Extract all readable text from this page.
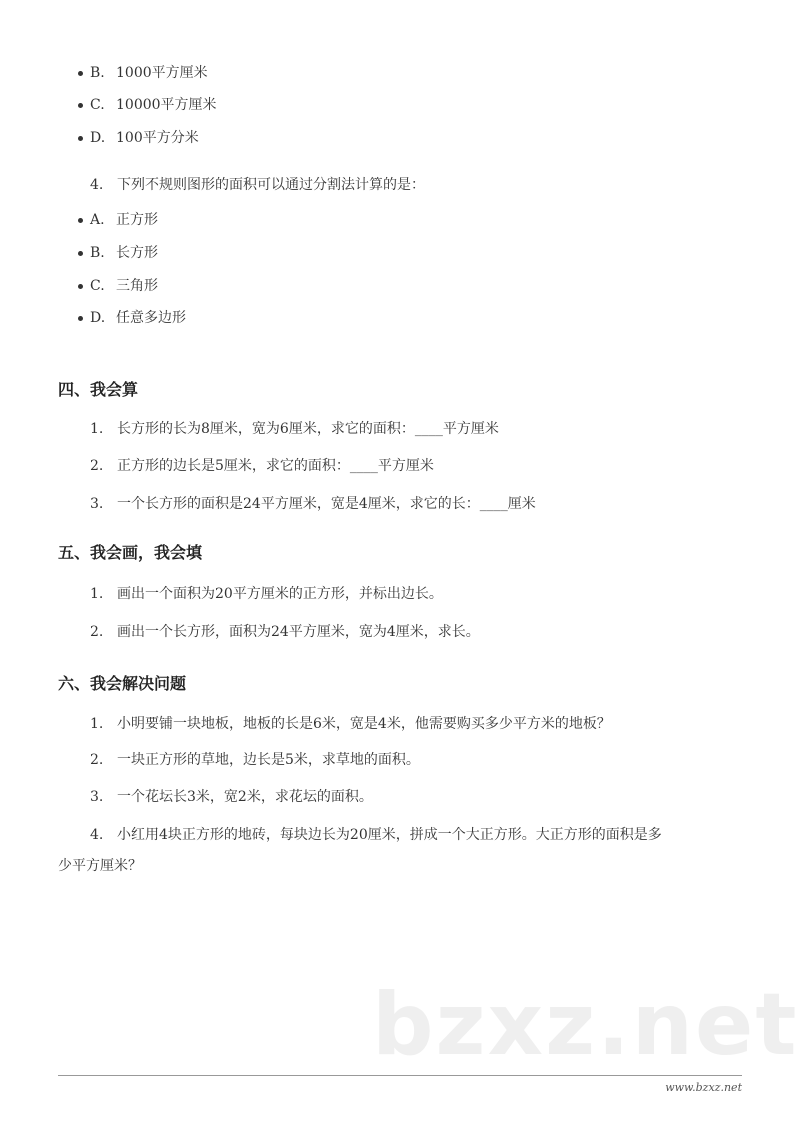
B. 1000平方厘米
C. 10000平方厘米
D. 100平方分米
4. 下列不规则图形的面积可以通过分割法计算的是：
A. 正方形
B. 长方形
C. 三角形
D. 任意多边形
四、我会算
1. 长方形的长为8厘米，宽为6厘米，求它的面积：____平方厘米
2. 正方形的边长是5厘米，求它的面积：____平方厘米
3. 一个长方形的面积是24平方厘米，宽是4厘米，求它的长：____厘米
五、我会画，我会填
1. 画出一个面积为20平方厘米的正方形，并标出边长。
2. 画出一个长方形，面积为24平方厘米，宽为4厘米，求长。
六、我会解决问题
1. 小明要铺一块地板，地板的长是6米，宽是4米，他需要购买多少平方米的地板？
2. 一块正方形的草地，边长是5米，求草地的面积。
3. 一个花坛长3米，宽2米，求花坛的面积。
4. 小红用4块正方形的地砖，每块边长为20厘米，拼成一个大正方形。大正方形的面积是多
少平方厘米？
bzxz.net
www.bzxz.net
